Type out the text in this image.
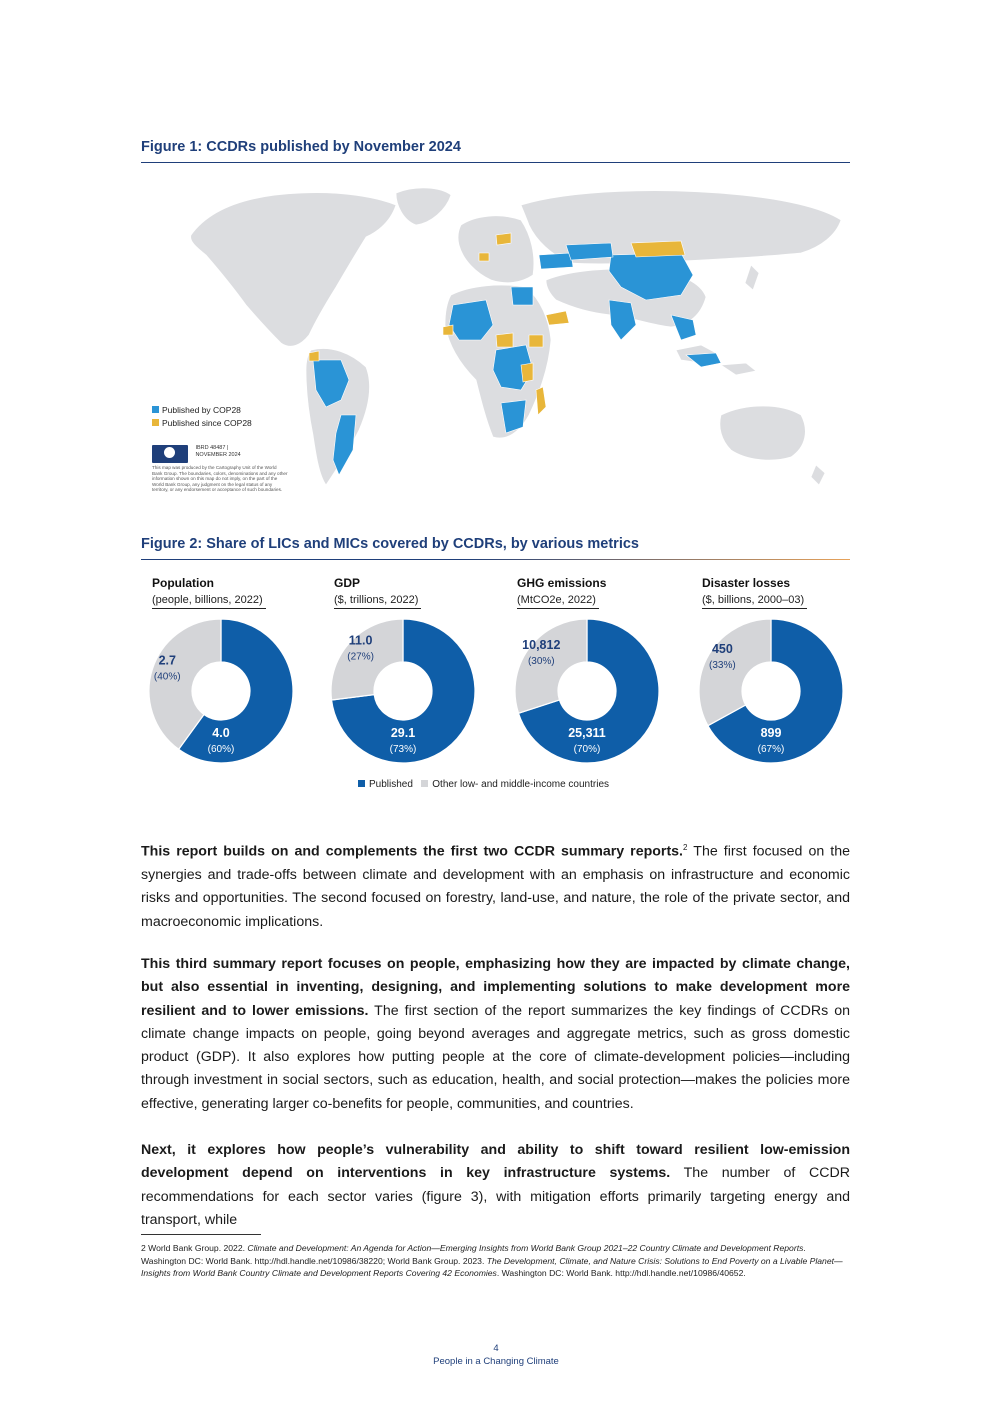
Figure 1: CCDRs published by November 2024
Published by COP28
Published since COP28
IBRD 48487 |
NOVEMBER 2024
This map was produced by the Cartography Unit of the World Bank Group. The boundaries, colors, denominations and any other information shown on this map do not imply, on the part of the World Bank Group, any judgment on the legal status of any territory, or any endorsement or acceptance of such boundaries.
Figure 2: Share of LICs and MICs covered by CCDRs, by various metrics
Population
(people, billions, 2022)
GDP
($, trillions, 2022)
GHG emissions
(MtCO2e, 2022)
Disaster losses
($, billions, 2000–03)
4.0
(60%)
2.7
(40%)
29.1
(73%)
11.0
(27%)
25,311
(70%)
10,812
(30%)
899
(67%)
450
(33%)
Published Other low- and middle-income countries
This report builds on and complements the first two CCDR summary reports.$^2$ The first focused on the synergies and trade-offs between climate and development with an emphasis on infrastructure and economic risks and opportunities. The second focused on forestry, land-use, and nature, the role of the private sector, and macroeconomic implications.
This third summary report focuses on people, emphasizing how they are impacted by climate change, but also essential in inventing, designing, and implementing solutions to make development more resilient and to lower emissions. The first section of the report summarizes the key findings of CCDRs on climate change impacts on people, going beyond averages and aggregate metrics, such as gross domestic product (GDP). It also explores how putting people at the core of climate-development policies—including through investment in social sectors, such as education, health, and social protection—makes the policies more effective, generating larger co-benefits for people, communities, and countries.
Next, it explores how people’s vulnerability and ability to shift toward resilient low-emission development depend on interventions in key infrastructure systems. The number of CCDR recommendations for each sector varies (figure 3), with mitigation efforts primarily targeting energy and transport, while
2 World Bank Group. 2022. Climate and Development: An Agenda for Action—Emerging Insights from World Bank Group 2021–22 Country Climate and Development Reports. Washington DC: World Bank. http://hdl.handle.net/10986/38220; World Bank Group. 2023. The Development, Climate, and Nature Crisis: Solutions to End Poverty on a Livable Planet—Insights from World Bank Country Climate and Development Reports Covering 42 Economies. Washington DC: World Bank. http://hdl.handle.net/10986/40652.
4
People in a Changing Climate
